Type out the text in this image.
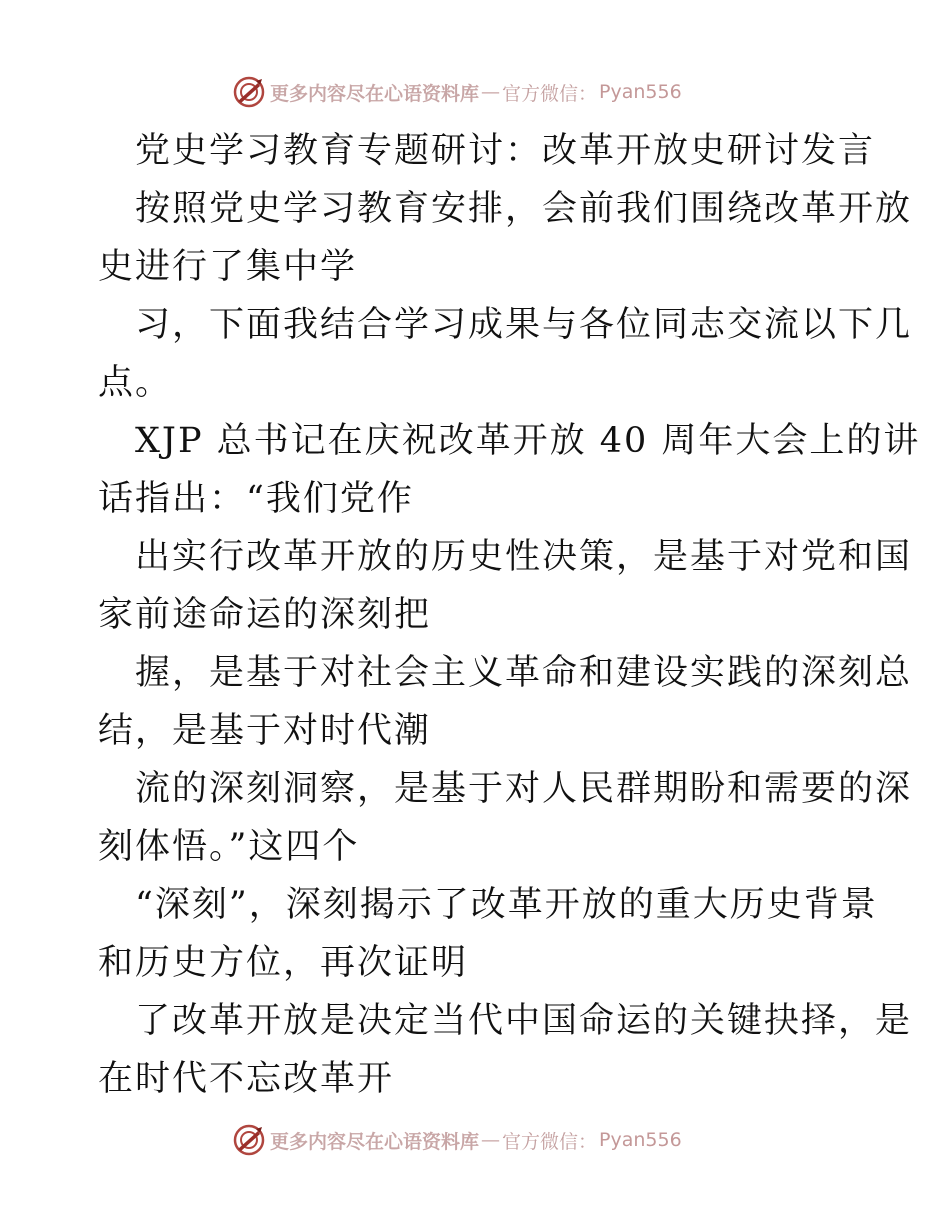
更多内容尽在心语资料库 — 官方微信： Pyan556
党史学习教育专题研讨：改革开放史研讨发言
按照党史学习教育安排，会前我们围绕改革开放
史进行了集中学
习，下面我结合学习成果与各位同志交流以下几
点。
XJP 总书记在庆祝改革开放 40 周年大会上的讲
话指出：“我们党作
出实行改革开放的历史性决策，是基于对党和国
家前途命运的深刻把
握，是基于对社会主义革命和建设实践的深刻总
结，是基于对时代潮
流的深刻洞察，是基于对人民群期盼和需要的深
刻体悟。”这四个
“深刻”，深刻揭示了改革开放的重大历史背景
和历史方位，再次证明
了改革开放是决定当代中国命运的关键抉择，是
在时代不忘改革开
更多内容尽在心语资料库 — 官方微信： Pyan556
